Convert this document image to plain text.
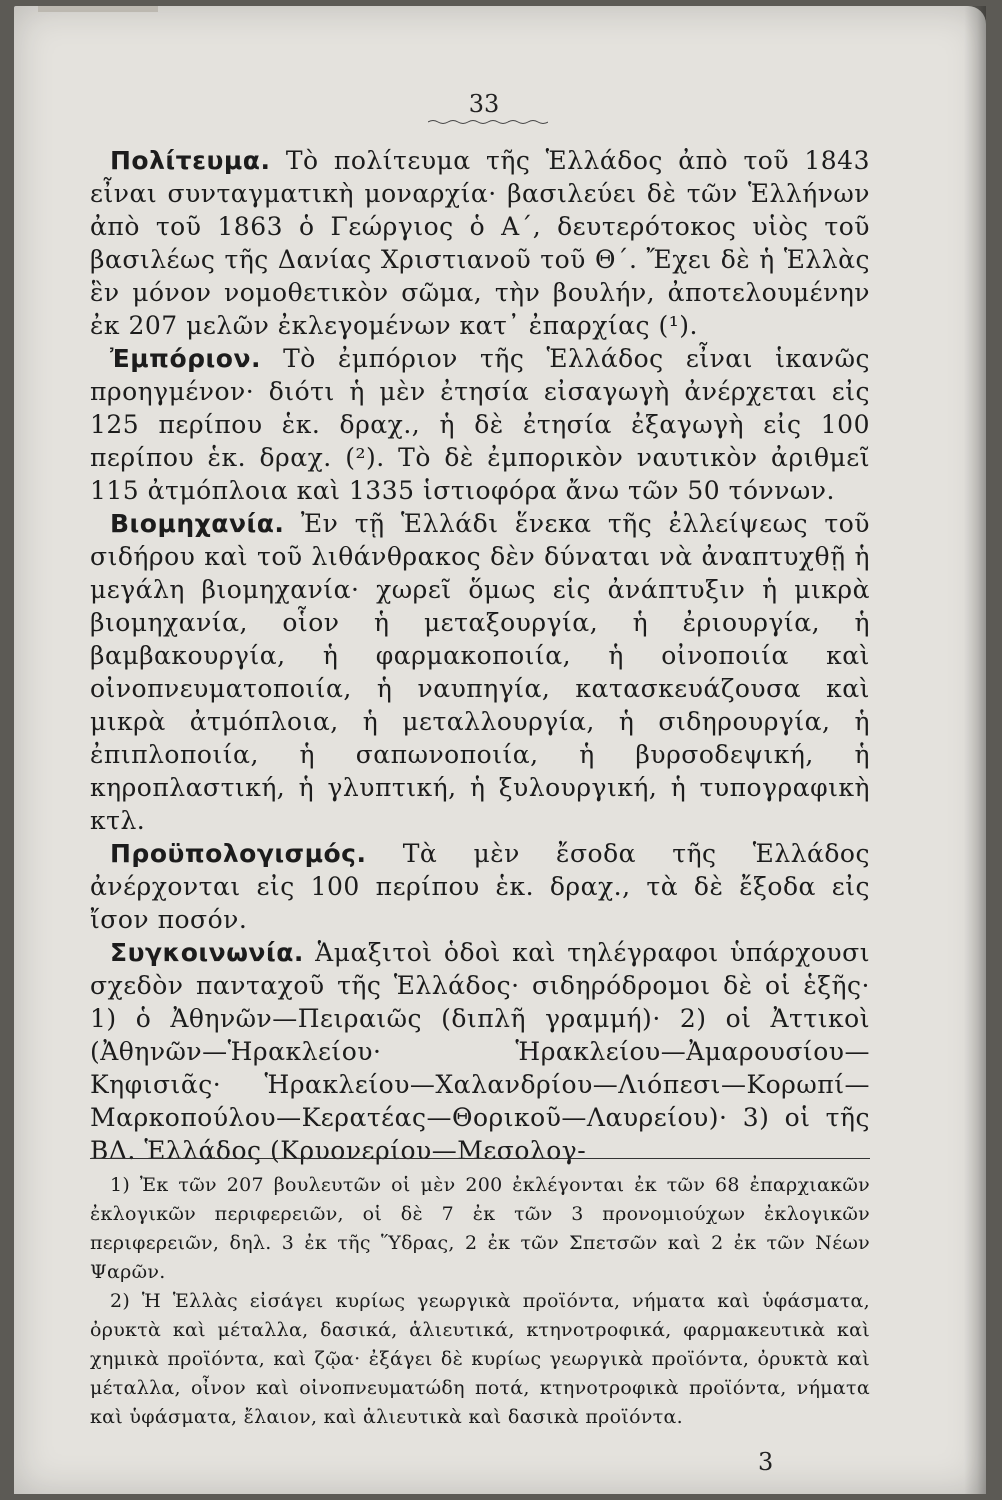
33

Πολίτευμα. Τὸ πολίτευμα τῆς Ἑλλάδος ἀπὸ τοῦ 1843 εἶναι συνταγματικὴ μοναρχία· βασιλεύει δὲ τῶν Ἑλλήνων ἀπὸ τοῦ 1863 ὁ Γεώργιος ὁ Α΄, δευτερότοκος υἱὸς τοῦ βασιλέως τῆς Δανίας Χριστιανοῦ τοῦ Θ΄. Ἔχει δὲ ἡ Ἑλλὰς ἓν μόνον νομοθετικὸν σῶμα, τὴν βουλήν, ἀποτελουμένην ἐκ 207 μελῶν ἐκλεγομένων κατ᾽ ἐπαρχίας (¹).

Ἐμπόριον. Τὸ ἐμπόριον τῆς Ἑλλάδος εἶναι ἱκανῶς προηγμένον· διότι ἡ μὲν ἐτησία εἰσαγωγὴ ἀνέρχεται εἰς 125 περίπου ἑκ. δραχ., ἡ δὲ ἐτησία ἐξαγωγὴ εἰς 100 περίπου ἑκ. δραχ. (²). Τὸ δὲ ἐμπορικὸν ναυτικὸν ἀριθμεῖ 115 ἀτμόπλοια καὶ 1335 ἱστιοφόρα ἄνω τῶν 50 τόννων.

Βιομηχανία. Ἐν τῇ Ἑλλάδι ἕνεκα τῆς ἐλλείψεως τοῦ σιδήρου καὶ τοῦ λιθάνθρακος δὲν δύναται νὰ ἀναπτυχθῇ ἡ μεγάλη βιομηχανία· χωρεῖ ὅμως εἰς ἀνάπτυξιν ἡ μικρὰ βιομηχανία, οἷον ἡ μεταξουργία, ἡ ἐριουργία, ἡ βαμβακουργία, ἡ φαρμακοποιία, ἡ οἰνοποιία καὶ οἰνοπνευματοποιία, ἡ ναυπηγία, κατασκευάζουσα καὶ μικρὰ ἀτμόπλοια, ἡ μεταλλουργία, ἡ σιδηρουργία, ἡ ἐπιπλοποιία, ἡ σαπωνοποιία, ἡ βυρσοδεψική, ἡ κηροπλαστική, ἡ γλυπτική, ἡ ξυλουργική, ἡ τυπογραφικὴ κτλ.

Προϋπολογισμός. Τὰ μὲν ἔσοδα τῆς Ἑλλάδος ἀνέρχονται εἰς 100 περίπου ἑκ. δραχ., τὰ δὲ ἔξοδα εἰς ἴσον ποσόν.

Συγκοινωνία. Ἁμαξιτοὶ ὁδοὶ καὶ τηλέγραφοι ὑπάρχουσι σχεδὸν πανταχοῦ τῆς Ἑλλάδος· σιδηρόδρομοι δὲ οἱ ἑξῆς· 1) ὁ Ἀθηνῶν—Πειραιῶς (διπλῆ γραμμή)· 2) οἱ Ἀττικοὶ (Ἀθηνῶν—Ἡρακλείου· Ἡρακλείου—Ἀμαρουσίου—Κηφισιᾶς· Ἡρακλείου—Χαλανδρίου—Λιόπεσι—Κορωπί—Μαρκοπούλου—Κερατέας—Θορικοῦ—Λαυρείου)· 3) οἱ τῆς ΒΔ. Ἑλλάδος (Κρυονερίου—Μεσολογ-

1) Ἐκ τῶν 207 βουλευτῶν οἱ μὲν 200 ἐκλέγονται ἐκ τῶν 68 ἐπαρχιακῶν ἐκλογικῶν περιφερειῶν, οἱ δὲ 7 ἐκ τῶν 3 προνομιούχων ἐκλογικῶν περιφερειῶν, δηλ. 3 ἐκ τῆς Ὕδρας, 2 ἐκ τῶν Σπετσῶν καὶ 2 ἐκ τῶν Νέων Ψαρῶν.

2) Ἡ Ἑλλὰς εἰσάγει κυρίως γεωργικὰ προϊόντα, νήματα καὶ ὑφάσματα, ὀρυκτὰ καὶ μέταλλα, δασικά, ἁλιευτικά, κτηνοτροφικά, φαρμακευτικὰ καὶ χημικὰ προϊόντα, καὶ ζῷα· ἐξάγει δὲ κυρίως γεωργικὰ προϊόντα, ὀρυκτὰ καὶ μέταλλα, οἶνον καὶ οἰνοπνευματώδη ποτά, κτηνοτροφικὰ προϊόντα, νήματα καὶ ὑφάσματα, ἔλαιον, καὶ ἁλιευτικὰ καὶ δασικὰ προϊόντα.

3
